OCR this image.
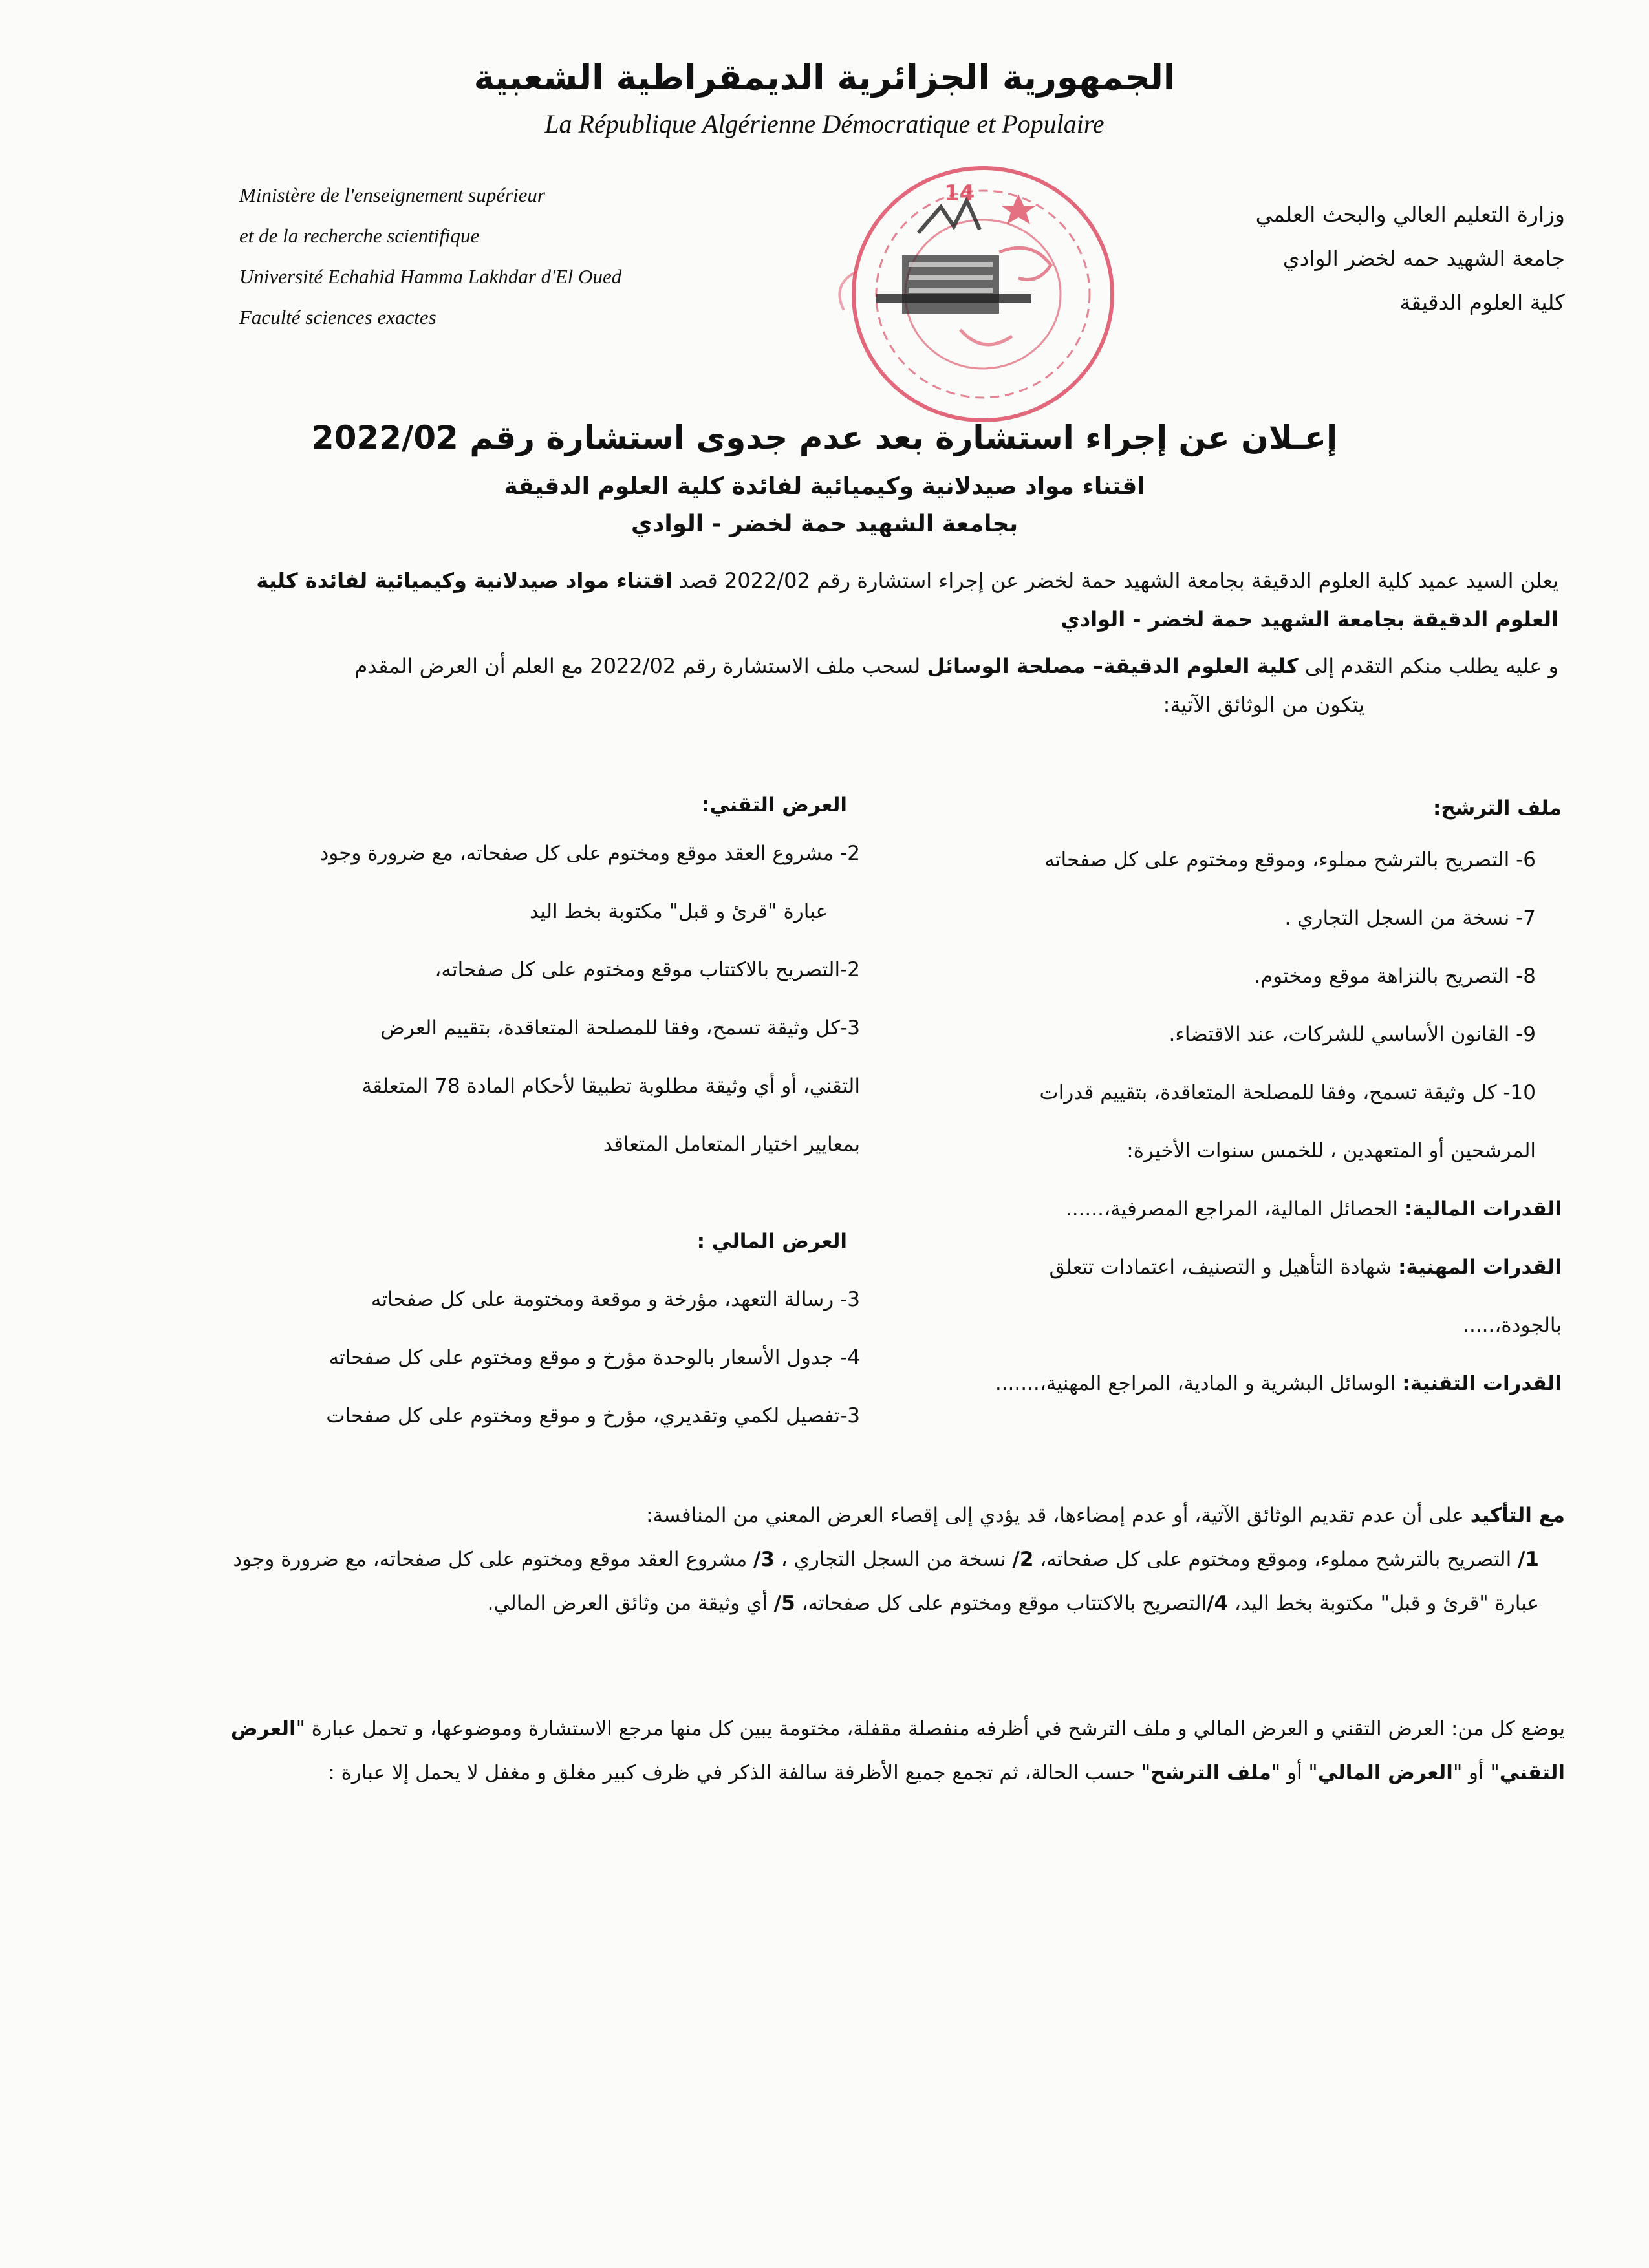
الجمهورية الجزائرية الديمقراطية الشعبية
La République Algérienne Démocratique et Populaire
Ministère de l'enseignement supérieur
et de la recherche scientifique
Université Echahid Hamma Lakhdar d'El Oued
Faculté sciences exactes
وزارة التعليم العالي والبحث العلمي
جامعة الشهيد حمه لخضر الوادي
كلية العلوم الدقيقة
14
إعـلان عن إجراء استشارة بعد عدم جدوى استشارة رقم 2022/02
اقتناء مواد صيدلانية وكيميائية لفائدة كلية العلوم الدقيقة
بجامعة الشهيد حمة لخضر - الوادي
يعلن السيد عميد كلية العلوم الدقيقة بجامعة الشهيد حمة لخضر عن إجراء استشارة رقم 2022/02 قصد اقتناء مواد صيدلانية وكيميائية لفائدة كلية العلوم الدقيقة بجامعة الشهيد حمة لخضر - الوادي
و عليه يطلب منكم التقدم إلى كلية العلوم الدقيقة– مصلحة الوسائل لسحب ملف الاستشارة رقم 2022/02 مع العلم أن العرض المقدم
يتكون من الوثائق الآتية:
ملف الترشح:
6- التصريح بالترشح مملوء، وموقع ومختوم على كل صفحاته
7- نسخة من السجل التجاري .
8- التصريح بالنزاهة موقع ومختوم.
9- القانون الأساسي للشركات، عند الاقتضاء.
10- كل وثيقة تسمح، وفقا للمصلحة المتعاقدة، بتقييم قدرات
المرشحين أو المتعهدين ، للخمس سنوات الأخيرة:
القدرات المالية: الحصائل المالية، المراجع المصرفية،......
القدرات المهنية: شهادة التأهيل و التصنيف، اعتمادات تتعلق
بالجودة،.....
القدرات التقنية: الوسائل البشرية و المادية، المراجع المهنية،.......
العرض التقني:
2- مشروع العقد موقع ومختوم على كل صفحاته، مع ضرورة وجود
عبارة "قرئ و قبل" مكتوبة بخط اليد
2-التصريح بالاكتتاب موقع ومختوم على كل صفحاته،
3-كل وثيقة تسمح، وفقا للمصلحة المتعاقدة، بتقييم العرض
التقني، أو أي وثيقة مطلوبة تطبيقا لأحكام المادة 78 المتعلقة
بمعايير اختيار المتعامل المتعاقد
العرض المالي :
3- رسالة التعهد، مؤرخة و موقعة ومختومة على كل صفحاته
4- جدول الأسعار بالوحدة مؤرخ و موقع ومختوم على كل صفحاته
3-تفصيل لكمي وتقديري، مؤرخ و موقع ومختوم على كل صفحات
مع التأكيد على أن عدم تقديم الوثائق الآتية، أو عدم إمضاءها، قد يؤدي إلى إقصاء العرض المعني من المنافسة:
1/ التصريح بالترشح مملوء، وموقع ومختوم على كل صفحاته، 2/ نسخة من السجل التجاري ، 3/ مشروع العقد موقع ومختوم على كل صفحاته، مع ضرورة وجود عبارة "قرئ و قبل" مكتوبة بخط اليد، 4/التصريح بالاكتتاب موقع ومختوم على كل صفحاته، 5/ أي وثيقة من وثائق العرض المالي.
يوضع كل من: العرض التقني و العرض المالي و ملف الترشح في أظرفه منفصلة مقفلة، مختومة يبين كل منها مرجع الاستشارة وموضوعها، و تحمل عبارة "العرض التقني" أو "العرض المالي" أو "ملف الترشح" حسب الحالة، ثم تجمع جميع الأظرفة سالفة الذكر في ظرف كبير مغلق و مغفل لا يحمل إلا عبارة :
